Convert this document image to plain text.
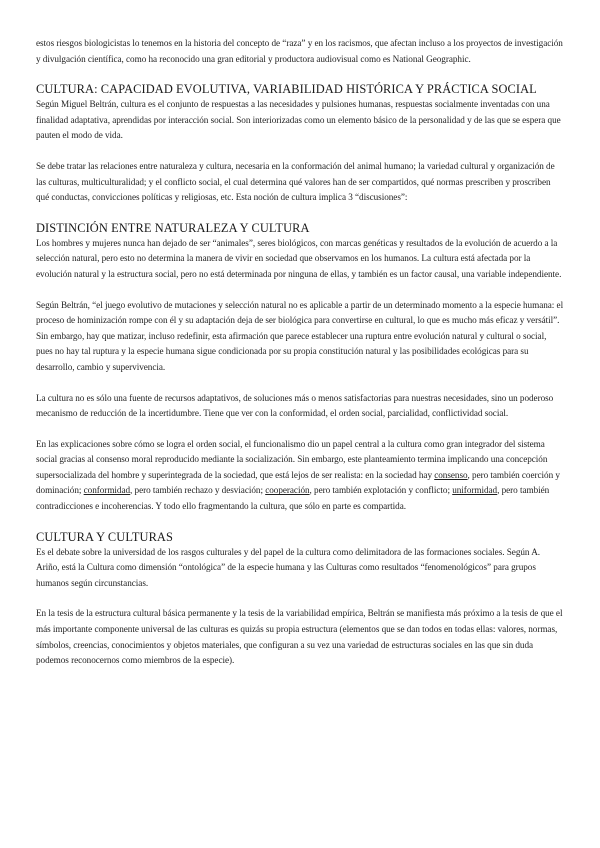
estos riesgos biologicistas lo tenemos en la historia del concepto de “raza” y en los racismos, que afectan incluso a los proyectos de investigación y divulgación científica, como ha reconocido una gran editorial y productora audiovisual como es National Geographic.

CULTURA: CAPACIDAD EVOLUTIVA, VARIABILIDAD HISTÓRICA Y PRÁCTICA SOCIAL

Según Miguel Beltrán, cultura es el conjunto de respuestas a las necesidades y pulsiones humanas, respuestas socialmente inventadas con una finalidad adaptativa, aprendidas por interacción social. Son interiorizadas como un elemento básico de la personalidad y de las que se espera que pauten el modo de vida.

Se debe tratar las relaciones entre naturaleza y cultura, necesaria en la conformación del animal humano; la variedad cultural y organización de las culturas, multiculturalidad; y el conflicto social, el cual determina qué valores han de ser compartidos, qué normas prescriben y proscriben qué conductas, convicciones políticas y religiosas, etc. Esta noción de cultura implica 3 “discusiones”:

DISTINCIÓN ENTRE NATURALEZA Y CULTURA

Los hombres y mujeres nunca han dejado de ser “animales”, seres biológicos, con marcas genéticas y resultados de la evolución de acuerdo a la selección natural, pero esto no determina la manera de vivir en sociedad que observamos en los humanos. La cultura está afectada por la evolución natural y la estructura social, pero no está determinada por ninguna de ellas, y también es un factor causal, una variable independiente.

Según Beltrán, “el juego evolutivo de mutaciones y selección natural no es aplicable a partir de un determinado momento a la especie humana: el proceso de hominización rompe con él y su adaptación deja de ser biológica para convertirse en cultural, lo que es mucho más eficaz y versátil”. Sin embargo, hay que matizar, incluso redefinir, esta afirmación que parece establecer una ruptura entre evolución natural y cultural o social, pues no hay tal ruptura y la especie humana sigue condicionada por su propia constitución natural y las posibilidades ecológicas para su desarrollo, cambio y supervivencia.

La cultura no es sólo una fuente de recursos adaptativos, de soluciones más o menos satisfactorias para nuestras necesidades, sino un poderoso mecanismo de reducción de la incertidumbre. Tiene que ver con la conformidad, el orden social, parcialidad, conflictividad social.

En las explicaciones sobre cómo se logra el orden social, el funcionalismo dio un papel central a la cultura como gran integrador del sistema social gracias al consenso moral reproducido mediante la socialización. Sin embargo, este planteamiento termina implicando una concepción supersocializada del hombre y superintegrada de la sociedad, que está lejos de ser realista: en la sociedad hay consenso, pero también coerción y dominación; conformidad, pero también rechazo y desviación; cooperación, pero también explotación y conflicto; uniformidad, pero también contradicciones e incoherencias. Y todo ello fragmentando la cultura, que sólo en parte es compartida.

CULTURA Y CULTURAS

Es el debate sobre la universidad de los rasgos culturales y del papel de la cultura como delimitadora de las formaciones sociales. Según A. Ariño, está la Cultura como dimensión “ontológica” de la especie humana y las Culturas como resultados “fenomenológicos” para grupos humanos según circunstancias.

En la tesis de la estructura cultural básica permanente y la tesis de la variabilidad empírica, Beltrán se manifiesta más próximo a la tesis de que el más importante componente universal de las culturas es quizás su propia estructura (elementos que se dan todos en todas ellas: valores, normas, símbolos, creencias, conocimientos y objetos materiales, que configuran a su vez una variedad de estructuras sociales en las que sin duda podemos reconocernos como miembros de la especie).
